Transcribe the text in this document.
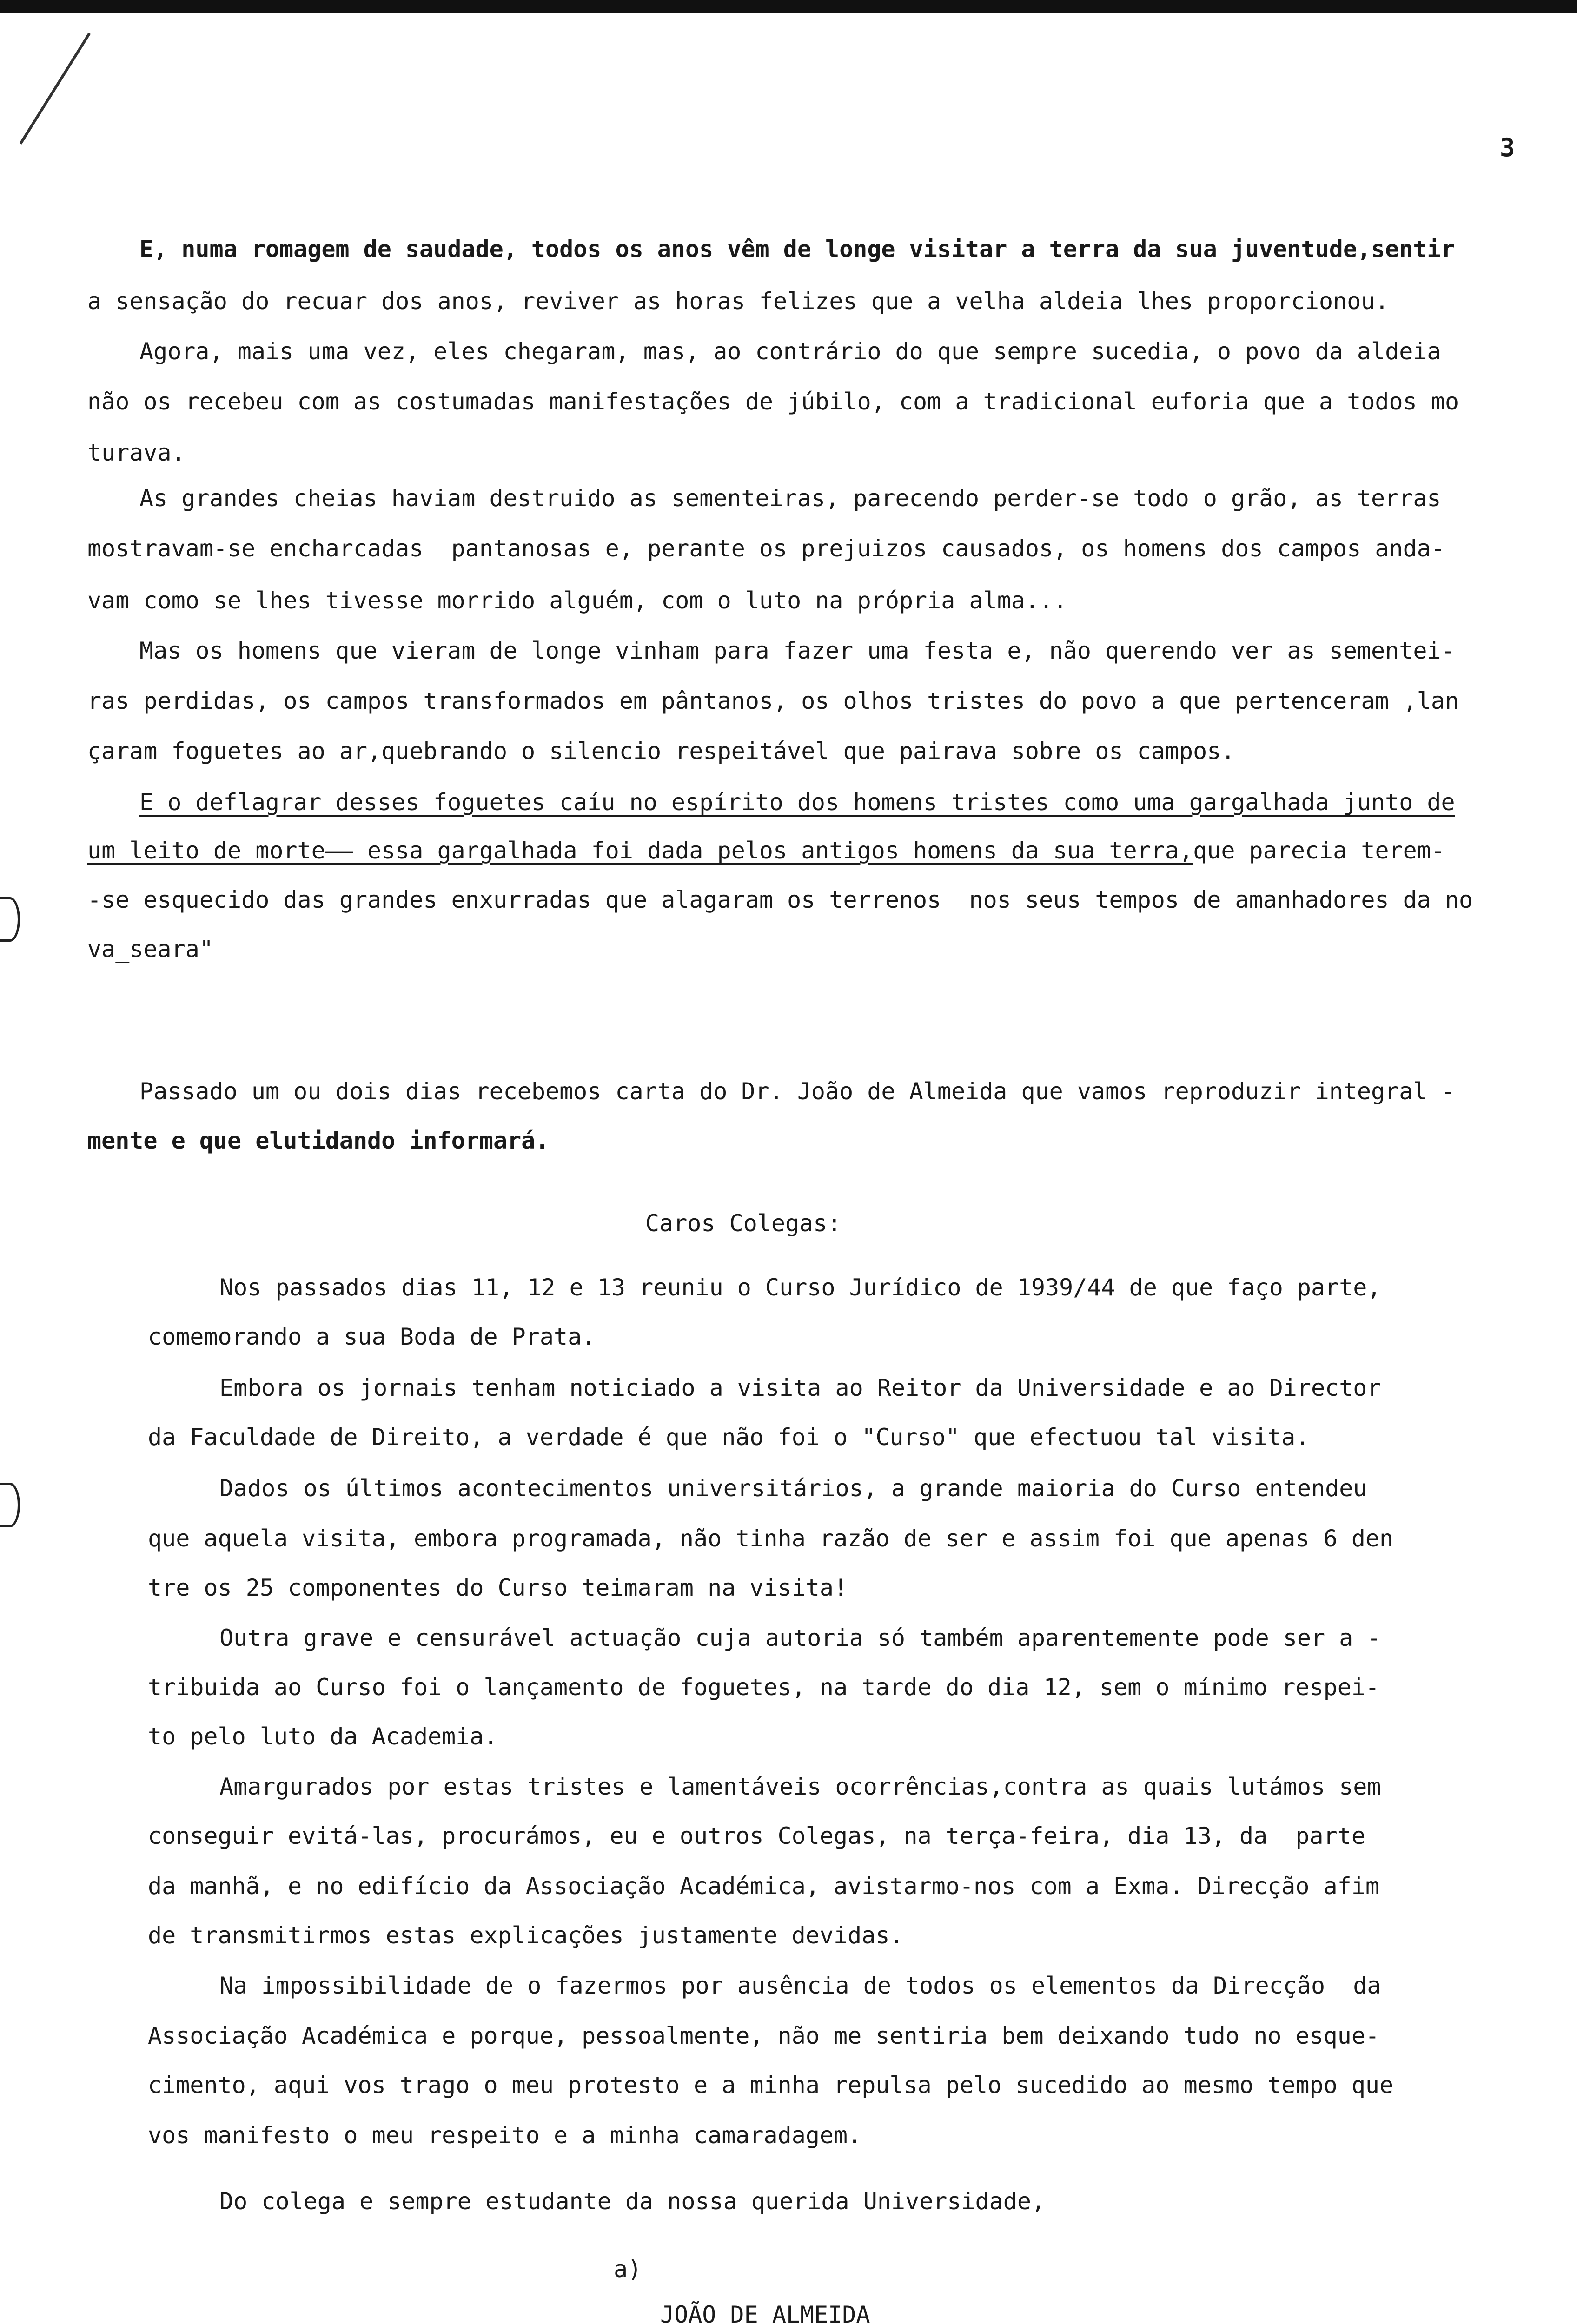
3
E, numa romagem de saudade, todos os anos vêm de longe visitar a terra da sua juventude,sentir
a sensação do recuar dos anos, reviver as horas felizes que a velha aldeia lhes proporcionou.
Agora, mais uma vez, eles chegaram, mas, ao contrário do que sempre sucedia, o povo da aldeia
não os recebeu com as costumadas manifestações de júbilo, com a tradicional euforia que a todos mo
turava.
As grandes cheias haviam destruido as sementeiras, parecendo perder-se todo o grão, as terras
mostravam-se encharcadas  pantanosas e, perante os prejuizos causados, os homens dos campos anda-
vam como se lhes tivesse morrido alguém, com o luto na própria alma...
Mas os homens que vieram de longe vinham para fazer uma festa e, não querendo ver as sementei-
ras perdidas, os campos transformados em pântanos, os olhos tristes do povo a que pertenceram ,lan
çaram foguetes ao ar,quebrando o silencio respeitável que pairava sobre os campos.
E o deflagrar desses foguetes caíu no espírito dos homens tristes como uma gargalhada junto de
um leito de morte—— essa gargalhada foi dada pelos antigos homens da sua terra,que parecia terem-
-se esquecido das grandes enxurradas que alagaram os terrenos  nos seus tempos de amanhadores da no
va_seara"
Passado um ou dois dias recebemos carta do Dr. João de Almeida que vamos reproduzir integral -
mente e que elutidando informará.
Caros Colegas:
Nos passados dias 11, 12 e 13 reuniu o Curso Jurídico de 1939/44 de que faço parte,
comemorando a sua Boda de Prata.
Embora os jornais tenham noticiado a visita ao Reitor da Universidade e ao Director
da Faculdade de Direito, a verdade é que não foi o "Curso" que efectuou tal visita.
Dados os últimos acontecimentos universitários, a grande maioria do Curso entendeu
que aquela visita, embora programada, não tinha razão de ser e assim foi que apenas 6 den
tre os 25 componentes do Curso teimaram na visita!
Outra grave e censurável actuação cuja autoria só também aparentemente pode ser a -
tribuida ao Curso foi o lançamento de foguetes, na tarde do dia 12, sem o mínimo respei-
to pelo luto da Academia.
Amargurados por estas tristes e lamentáveis ocorrências,contra as quais lutámos sem
conseguir evitá-las, procurámos, eu e outros Colegas, na terça-feira, dia 13, da  parte
da manhã, e no edifício da Associação Académica, avistarmo-nos com a Exma. Direcção afim
de transmitirmos estas explicações justamente devidas.
Na impossibilidade de o fazermos por ausência de todos os elementos da Direcção  da
Associação Académica e porque, pessoalmente, não me sentiria bem deixando tudo no esque-
cimento, aqui vos trago o meu protesto e a minha repulsa pelo sucedido ao mesmo tempo que
vos manifesto o meu respeito e a minha camaradagem.
Do colega e sempre estudante da nossa querida Universidade,
a)
JOÃO DE ALMEIDA
